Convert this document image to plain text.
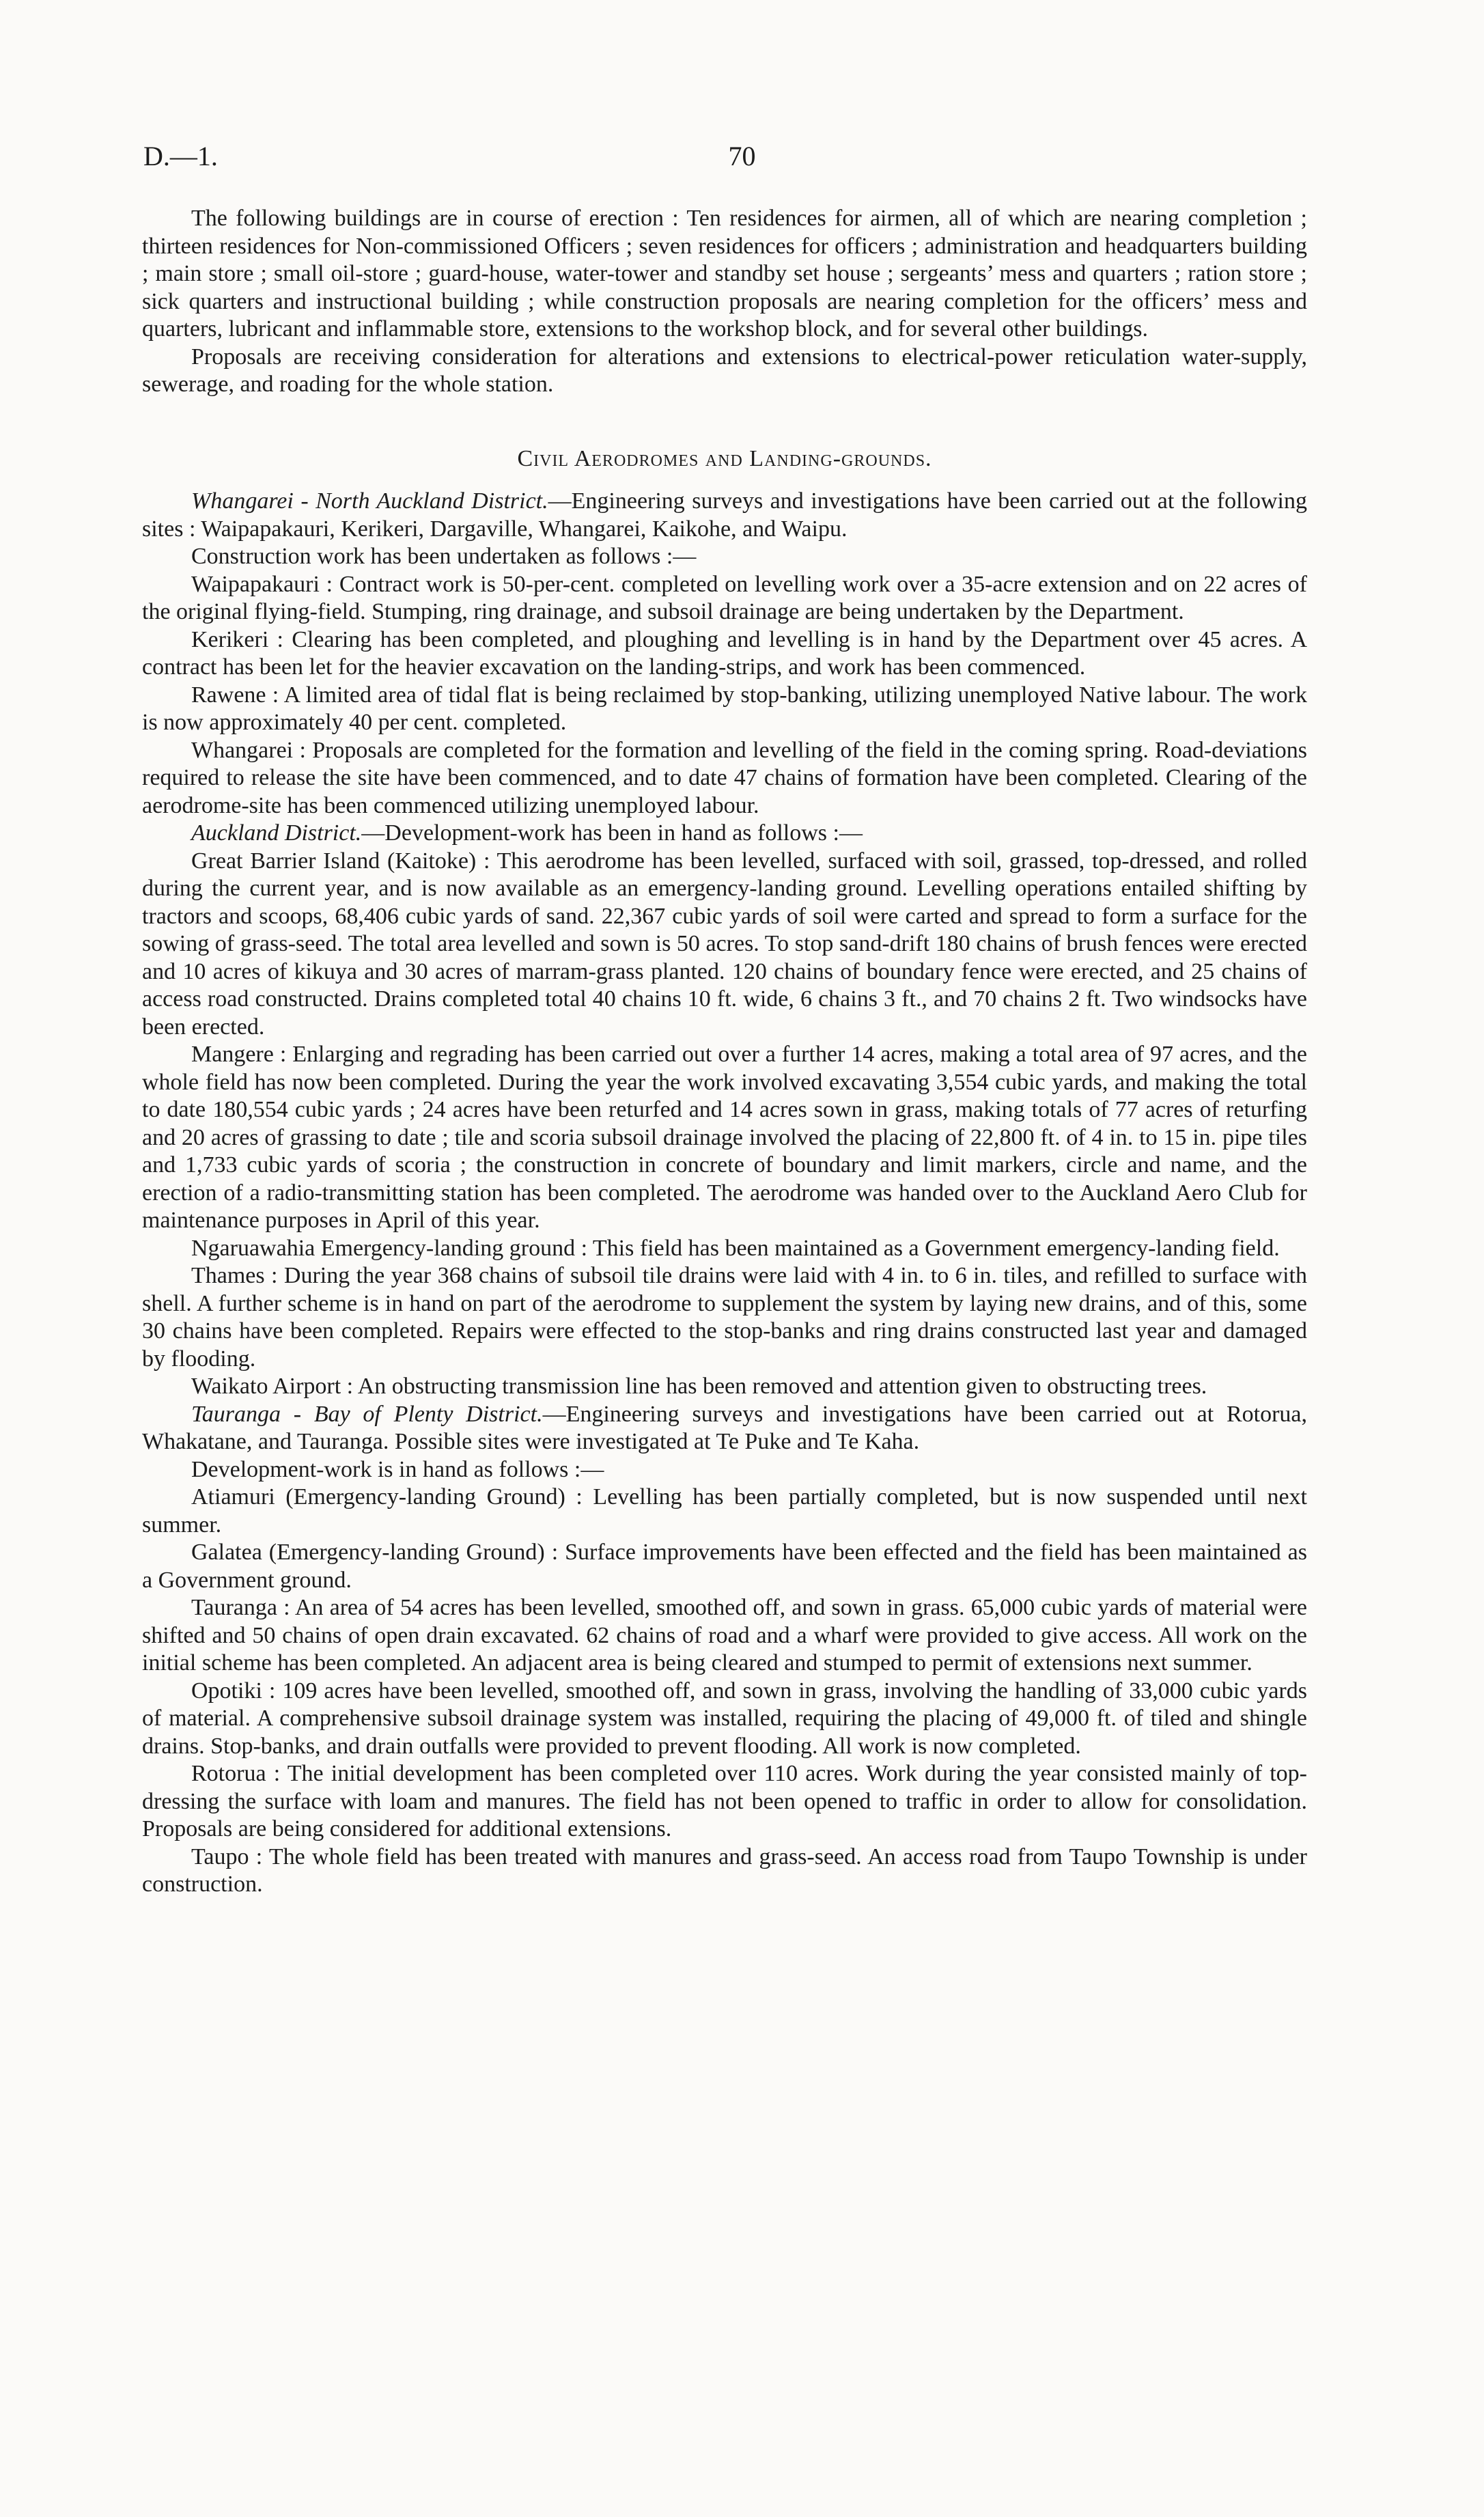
D.—1.	70

The following buildings are in course of erection : Ten residences for airmen, all of which are nearing completion ; thirteen residences for Non-commissioned Officers ; seven residences for officers ; administration and headquarters building ; main store ; small oil-store ; guard-house, water-tower and standby set house ; sergeants’ mess and quarters ; ration store ; sick quarters and instructional building ; while construction proposals are nearing completion for the officers’ mess and quarters, lubricant and inflammable store, extensions to the workshop block, and for several other buildings.

Proposals are receiving consideration for alterations and extensions to electrical-power reticulation water-supply, sewerage, and roading for the whole station.

Civil Aerodromes and Landing-grounds.

Whangarei - North Auckland District.—Engineering surveys and investigations have been carried out at the following sites : Waipapakauri, Kerikeri, Dargaville, Whangarei, Kaikohe, and Waipu.

Construction work has been undertaken as follows :—

Waipapakauri : Contract work is 50-per-cent. completed on levelling work over a 35-acre extension and on 22 acres of the original flying-field. Stumping, ring drainage, and subsoil drainage are being undertaken by the Department.

Kerikeri : Clearing has been completed, and ploughing and levelling is in hand by the Department over 45 acres. A contract has been let for the heavier excavation on the landing-strips, and work has been commenced.

Rawene : A limited area of tidal flat is being reclaimed by stop-banking, utilizing unemployed Native labour. The work is now approximately 40 per cent. completed.

Whangarei : Proposals are completed for the formation and levelling of the field in the coming spring. Road-deviations required to release the site have been commenced, and to date 47 chains of formation have been completed. Clearing of the aerodrome-site has been commenced utilizing unemployed labour.

Auckland District.—Development-work has been in hand as follows :—

Great Barrier Island (Kaitoke) : This aerodrome has been levelled, surfaced with soil, grassed, top-dressed, and rolled during the current year, and is now available as an emergency-landing ground. Levelling operations entailed shifting by tractors and scoops, 68,406 cubic yards of sand. 22,367 cubic yards of soil were carted and spread to form a surface for the sowing of grass-seed. The total area levelled and sown is 50 acres. To stop sand-drift 180 chains of brush fences were erected and 10 acres of kikuya and 30 acres of marram-grass planted. 120 chains of boundary fence were erected, and 25 chains of access road constructed. Drains completed total 40 chains 10 ft. wide, 6 chains 3 ft., and 70 chains 2 ft. Two windsocks have been erected.

Mangere : Enlarging and regrading has been carried out over a further 14 acres, making a total area of 97 acres, and the whole field has now been completed. During the year the work involved excavating 3,554 cubic yards, and making the total to date 180,554 cubic yards ; 24 acres have been returfed and 14 acres sown in grass, making totals of 77 acres of returfing and 20 acres of grassing to date ; tile and scoria subsoil drainage involved the placing of 22,800 ft. of 4 in. to 15 in. pipe tiles and 1,733 cubic yards of scoria ; the construction in concrete of boundary and limit markers, circle and name, and the erection of a radio-transmitting station has been completed. The aerodrome was handed over to the Auckland Aero Club for maintenance purposes in April of this year.

Ngaruawahia Emergency-landing ground : This field has been maintained as a Government emergency-landing field.

Thames : During the year 368 chains of subsoil tile drains were laid with 4 in. to 6 in. tiles, and refilled to surface with shell. A further scheme is in hand on part of the aerodrome to supplement the system by laying new drains, and of this, some 30 chains have been completed. Repairs were effected to the stop-banks and ring drains constructed last year and damaged by flooding.

Waikato Airport : An obstructing transmission line has been removed and attention given to obstructing trees.

Tauranga - Bay of Plenty District.—Engineering surveys and investigations have been carried out at Rotorua, Whakatane, and Tauranga. Possible sites were investigated at Te Puke and Te Kaha.

Development-work is in hand as follows :—

Atiamuri (Emergency-landing Ground) : Levelling has been partially completed, but is now suspended until next summer.

Galatea (Emergency-landing Ground) : Surface improvements have been effected and the field has been maintained as a Government ground.

Tauranga : An area of 54 acres has been levelled, smoothed off, and sown in grass. 65,000 cubic yards of material were shifted and 50 chains of open drain excavated. 62 chains of road and a wharf were provided to give access. All work on the initial scheme has been completed. An adjacent area is being cleared and stumped to permit of extensions next summer.

Opotiki : 109 acres have been levelled, smoothed off, and sown in grass, involving the handling of 33,000 cubic yards of material. A comprehensive subsoil drainage system was installed, requiring the placing of 49,000 ft. of tiled and shingle drains. Stop-banks, and drain outfalls were provided to prevent flooding. All work is now completed.

Rotorua : The initial development has been completed over 110 acres. Work during the year consisted mainly of top-dressing the surface with loam and manures. The field has not been opened to traffic in order to allow for consolidation. Proposals are being considered for additional extensions.

Taupo : The whole field has been treated with manures and grass-seed. An access road from Taupo Township is under construction.
